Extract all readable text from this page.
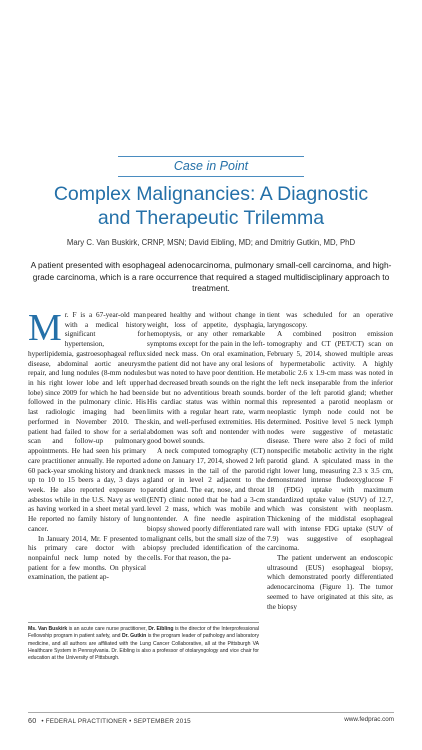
Case in Point
Complex Malignancies: A Diagnostic
and Therapeutic Trilemma
Mary C. Van Buskirk, CRNP, MSN; David Eibling, MD; and Dmitriy Gutkin, MD, PhD
A patient presented with esophageal adenocarcinoma, pulmonary small-cell carcinoma, and high-grade carcinoma, which is a rare occurrence that required a staged multidisciplinary approach to treatment.

M r. F is a 67-year-old man with a medical history significant for hypertension, hyperlipidemia, gastroesophageal reflux disease, abdominal aortic aneurysm repair, and lung nodules (8-mm nodules in his right lower lobe and left upper lobe) since 2009 for which he had been followed in the pulmonary clinic. His last radiologic imaging had been performed in November 2010. The patient had failed to show for a serial scan and follow-up pulmonary appointments. He had seen his primary care practitioner annually. He reported a 60 pack-year smoking history and drank up to 10 to 15 beers a day, 3 days a week. He also reported exposure to asbestos while in the U.S. Navy as well as having worked in a sheet metal yard. He reported no family history of lung cancer.

In January 2014, Mr. F presented to his primary care doctor with a nonpainful neck lump noted by the patient for a few months. On physical examination, the patient ap-

peared healthy and without change in weight, loss of appetite, dysphagia, hemoptysis, or any other remarkable symptoms except for the pain in the left-sided neck mass. On oral examination, the patient did not have any oral lesions but was noted to have poor dentition. He had decreased breath sounds on the right side but no adventitious breath sounds. His cardiac status was within normal limits with a regular heart rate, warm skin, and well-perfused extremities. His abdomen was soft and nontender with good bowel sounds.

A neck computed tomography (CT) done on January 17, 2014, showed 2 left neck masses in the tail of the parotid gland or in level 2 adjacent to the parotid gland. The ear, nose, and throat (ENT) clinic noted that he had a 3-cm level 2 mass, which was mobile and nontender. A fine needle aspiration biopsy showed poorly differentiated rare malignant cells, but the small size of the biopsy precluded identification of the cells. For that reason, the pa-

tient was scheduled for an operative laryngoscopy.

A combined positron emission tomography and CT (PET/CT) scan on February 5, 2014, showed multiple areas of hypermetabolic activity. A highly metabolic 2.6 x 1.9-cm mass was noted in the left neck inseparable from the inferior border of the left parotid gland; whether this represented a parotid neoplasm or neoplastic lymph node could not be determined. Positive level 5 neck lymph nodes were suggestive of metastatic disease. There were also 2 foci of mild nonspecific metabolic activity in the right parotid gland. A spiculated mass in the right lower lung, measuring 2.3 x 3.5 cm, demonstrated intense fludeoxyglucose F 18 (FDG) uptake with maximum standardized uptake value (SUV) of 12.7, which was consistent with neoplasm. Thickening of the middistal esophageal wall with intense FDG uptake (SUV of 7.9) was suggestive of esophageal carcinoma.

The patient underwent an endoscopic ultrasound (EUS) esophageal biopsy, which demonstrated poorly differentiated adenocarcinoma (Figure 1). The tumor seemed to have originated at this site, as the biopsy

Ms. Van Buskirk is an acute care nurse practitioner, Dr. Eibling is the director of the Interprofessional Fellowship program in patient safety, and Dr. Gutkin is the program leader of pathology and laboratory medicine, and all authors are affiliated with the Lung Cancer Collaborative, all at the Pittsburgh VA Healthcare System in Pennsylvania. Dr. Eibling is also a professor of otolaryngology and vice chair for education at the University of Pittsburgh.
60 • FEDERAL PRACTITIONER • SEPTEMBER 2015	www.fedprac.com
